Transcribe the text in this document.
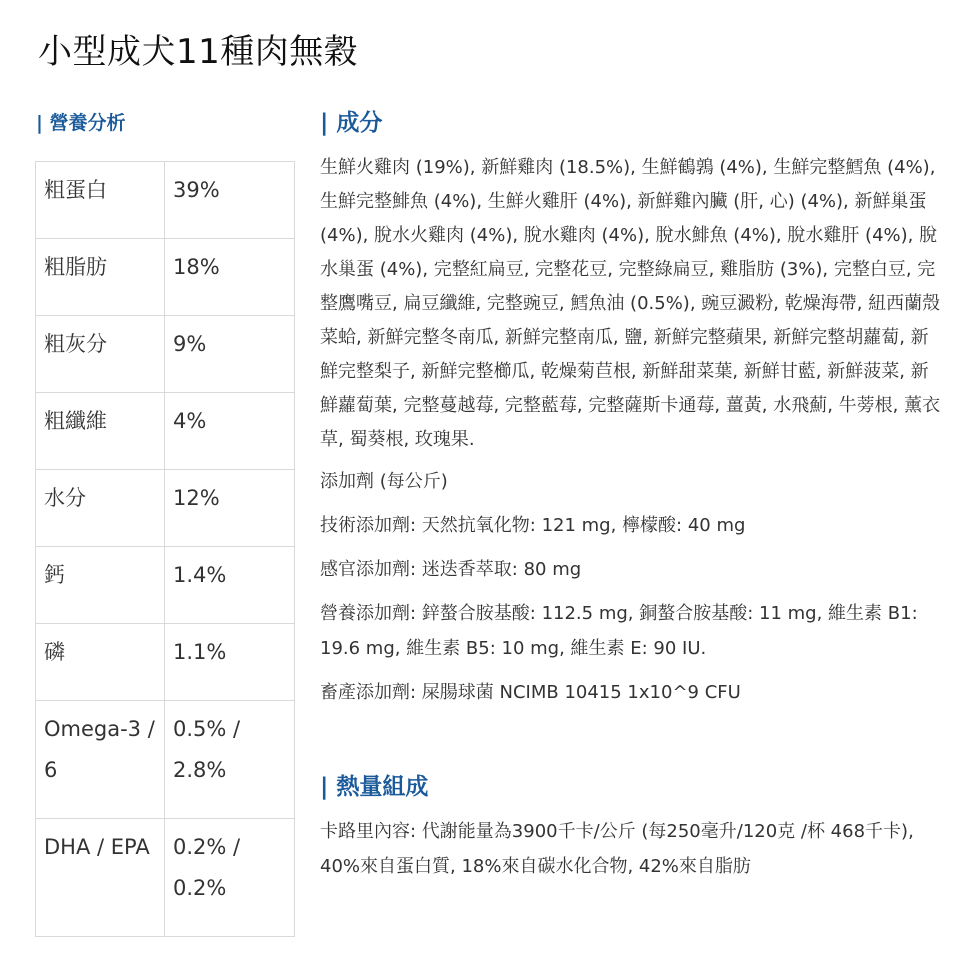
小型成犬11種肉無穀
| 營養分析
粗蛋白	39%
粗脂肪	18%
粗灰分	9%
粗纖維	4%
水分	12%
鈣	1.4%
磷	1.1%
Omega-3 / 6	0.5% / 2.8%
DHA / EPA	0.2% / 0.2%
| 成分

生鮮火雞肉 (19%), 新鮮雞肉 (18.5%), 生鮮鶴鶉 (4%), 生鮮完整鱈魚 (4%), 生鮮完整鯡魚 (4%), 生鮮火雞肝 (4%), 新鮮雞內臟 (肝, 心) (4%), 新鮮巢蛋 (4%), 脫水火雞肉 (4%), 脫水雞肉 (4%), 脫水鯡魚 (4%), 脫水雞肝 (4%), 脫水巢蛋 (4%), 完整紅扁豆, 完整花豆, 完整綠扁豆, 雞脂肪 (3%), 完整白豆, 完整鷹嘴豆, 扁豆纖維, 完整豌豆, 鱈魚油 (0.5%), 豌豆澱粉, 乾燥海帶, 紐西蘭殼菜蛤, 新鮮完整冬南瓜, 新鮮完整南瓜, 鹽, 新鮮完整蘋果, 新鮮完整胡蘿蔔, 新鮮完整梨子, 新鮮完整櫛瓜, 乾燥菊苣根, 新鮮甜菜葉, 新鮮甘藍, 新鮮菠菜, 新鮮蘿蔔葉, 完整蔓越莓, 完整藍莓, 完整薩斯卡通莓, 薑黃, 水飛薊, 牛蒡根, 薰衣草, 蜀葵根, 玫瑰果.

添加劑 (每公斤)

技術添加劑: 天然抗氧化物: 121 mg, 檸檬酸: 40 mg

感官添加劑: 迷迭香萃取: 80 mg

營養添加劑: 鋅螯合胺基酸: 112.5 mg, 銅螯合胺基酸: 11 mg, 維生素 B1: 19.6 mg, 維生素 B5: 10 mg, 維生素 E: 90 IU.

畜產添加劑: 屎腸球菌 NCIMB 10415 1x10^9 CFU

| 熱量組成

卡路里內容: 代謝能量為3900千卡/公斤 (每250毫升/120克 /杯 468千卡), 40%來自蛋白質, 18%來自碳水化合物, 42%來自脂肪
